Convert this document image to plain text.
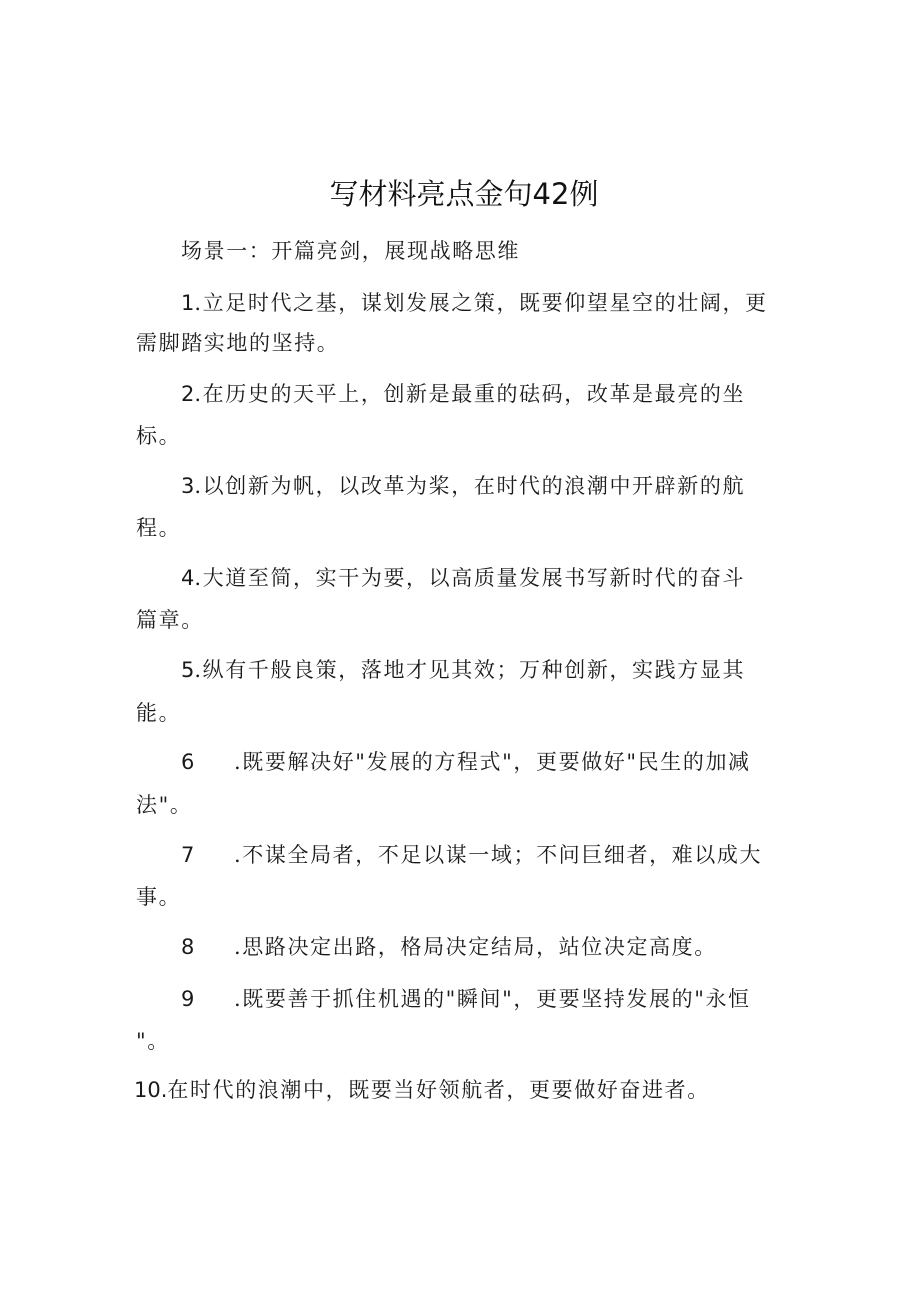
写材料亮点金句42例
场景一：开篇亮剑，展现战略思维
1.立足时代之基，谋划发展之策，既要仰望星空的壮阔，更
需脚踏实地的坚持。
2.在历史的天平上，创新是最重的砝码，改革是最亮的坐
标。
3.以创新为帆，以改革为桨，在时代的浪潮中开辟新的航
程。
4.大道至简，实干为要，以高质量发展书写新时代的奋斗
篇章。
5.纵有千般良策，落地才见其效；万种创新，实践方显其
能。
6 .既要解决好"发展的方程式"，更要做好"民生的加减
法"。
7 .不谋全局者，不足以谋一域；不问巨细者，难以成大
事。
8 .思路决定出路，格局决定结局，站位决定高度。
9 .既要善于抓住机遇的"瞬间"，更要坚持发展的"永恒
"。
10.在时代的浪潮中，既要当好领航者，更要做好奋进者。
